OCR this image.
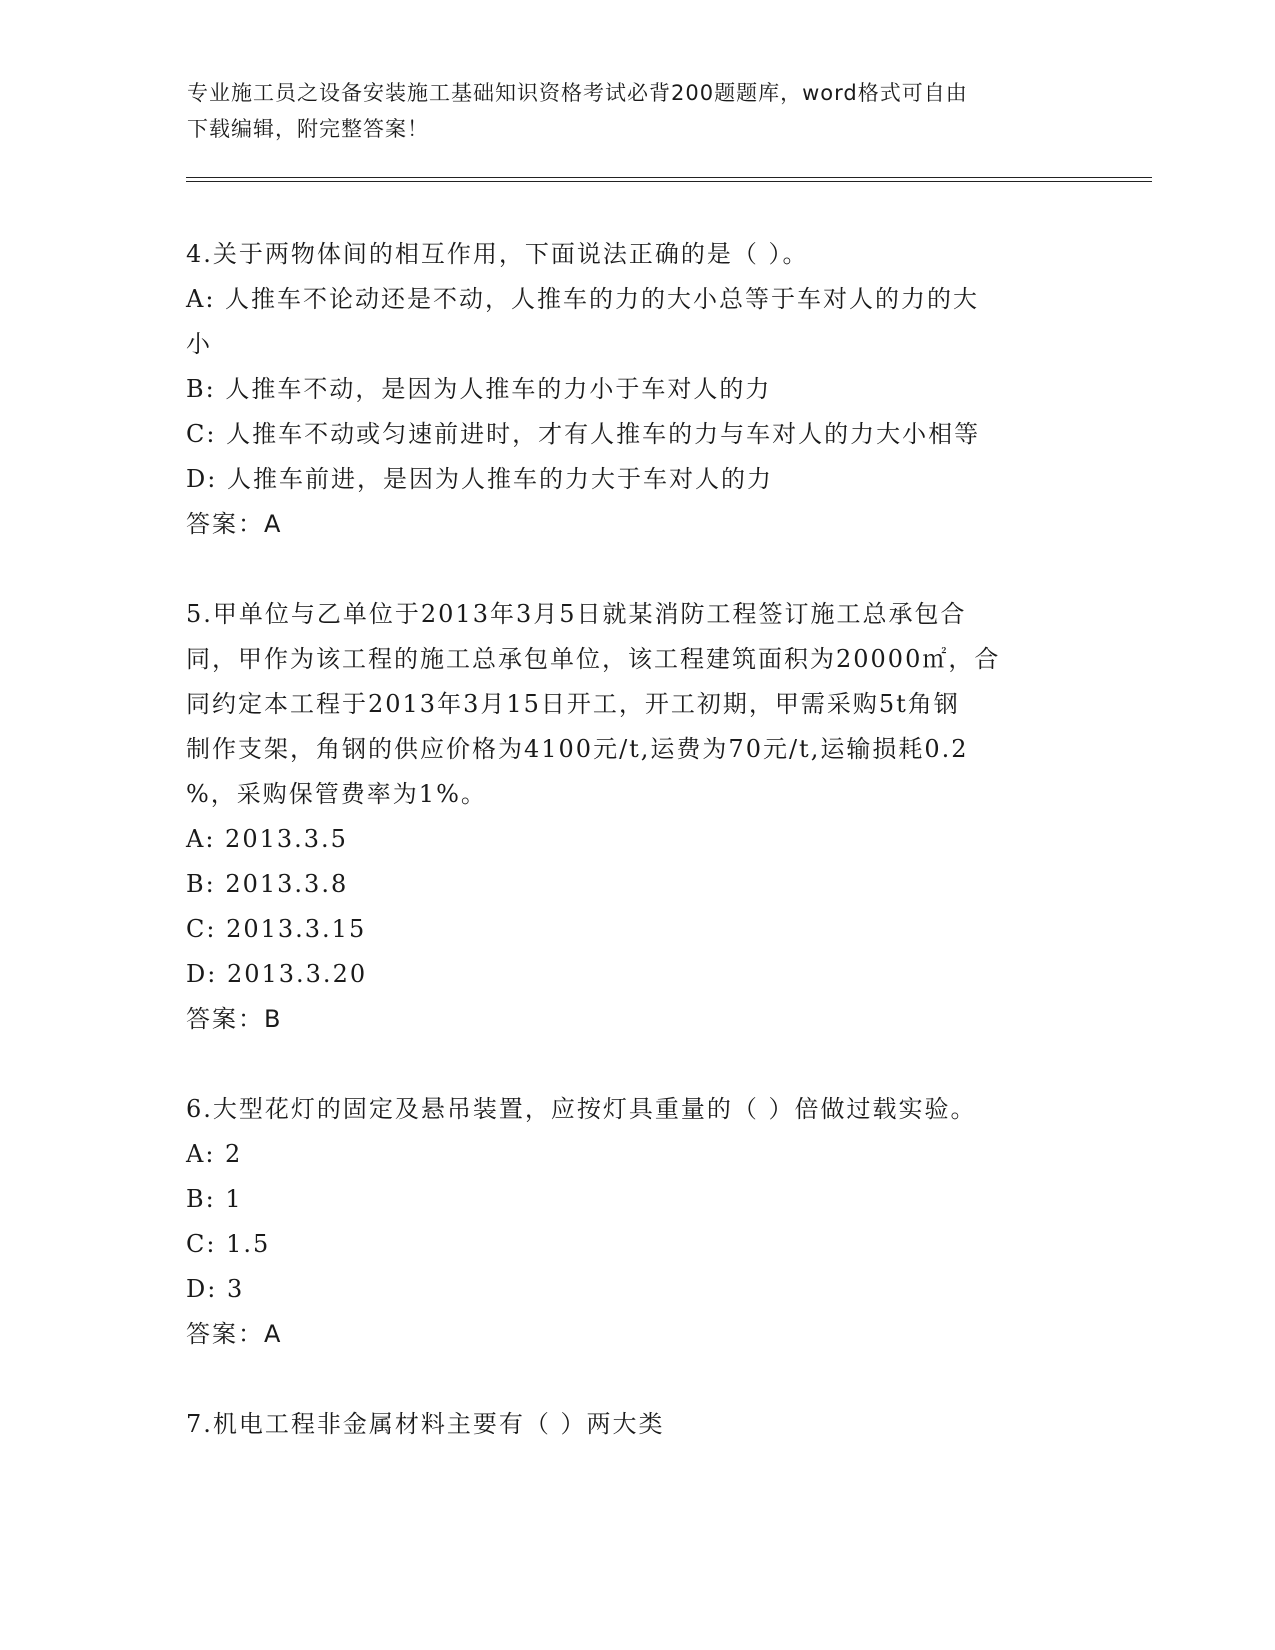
专业施工员之设备安装施工基础知识资格考试必背200题题库，word格式可自由
下载编辑，附完整答案！
4.关于两物体间的相互作用，下面说法正确的是（ ）。
A: 人推车不论动还是不动，人推车的力的大小总等于车对人的力的大
小
B: 人推车不动，是因为人推车的力小于车对人的力
C: 人推车不动或匀速前进时，才有人推车的力与车对人的力大小相等
D: 人推车前进，是因为人推车的力大于车对人的力
答案：A
5.甲单位与乙单位于2013年3月5日就某消防工程签订施工总承包合
同，甲作为该工程的施工总承包单位，该工程建筑面积为20000㎡，合
同约定本工程于2013年3月15日开工，开工初期，甲需采购5t角钢
制作支架，角钢的供应价格为4100元/t,运费为70元/t,运输损耗0.2
%，采购保管费率为1%。
A: 2013.3.5
B: 2013.3.8
C: 2013.3.15
D: 2013.3.20
答案：B
6.大型花灯的固定及悬吊装置，应按灯具重量的（ ）倍做过载实验。
A: 2
B: 1
C: 1.5
D: 3
答案：A
7.机电工程非金属材料主要有（ ）两大类
